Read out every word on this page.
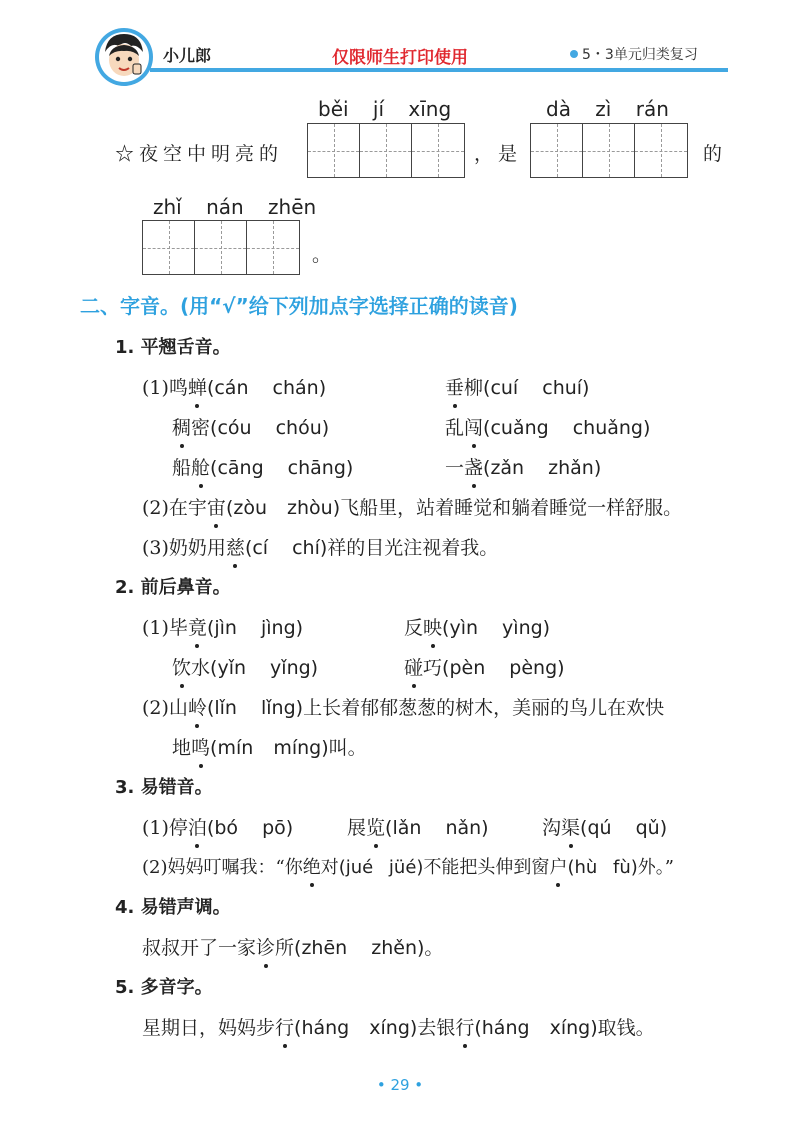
小儿郎	仅限师生打印使用	5・3单元归类复习
běi jí xīng	dà zì rán
☆夜空中明亮的	，是	的
zhǐ nán zhēn
。
二、字音。(用“√”给下列加点字选择正确的读音)
1. 平翘舌音。
(1)鸣蝉(cán chán)	垂柳(cuí chuí)
稠密(cóu chóu)	乱闯(cuǎng chuǎng)
船舱(cāng chāng)	一盏(zǎn zhǎn)
(2)在宇宙(zòu zhòu)飞船里，站着睡觉和躺着睡觉一样舒服。
(3)奶奶用慈(cí chí)祥的目光注视着我。
2. 前后鼻音。
(1)毕竟(jìn jìng)	反映(yìn yìng)
饮水(yǐn yǐng)	碰巧(pèn pèng)
(2)山岭(lǐn lǐng)上长着郁郁葱葱的树木，美丽的鸟儿在欢快
地鸣(mín míng)叫。
3. 易错音。
(1)停泊(bó pō)	展览(lǎn nǎn)	沟渠(qú qǔ)
(2)妈妈叮嘱我：“你绝对(jué jüé)不能把头伸到窗户(hù fù)外。”
4. 易错声调。
叔叔开了一家诊所(zhēn zhěn)。
5. 多音字。
星期日，妈妈步行(háng xíng)去银行(háng xíng)取钱。
• 29 •
